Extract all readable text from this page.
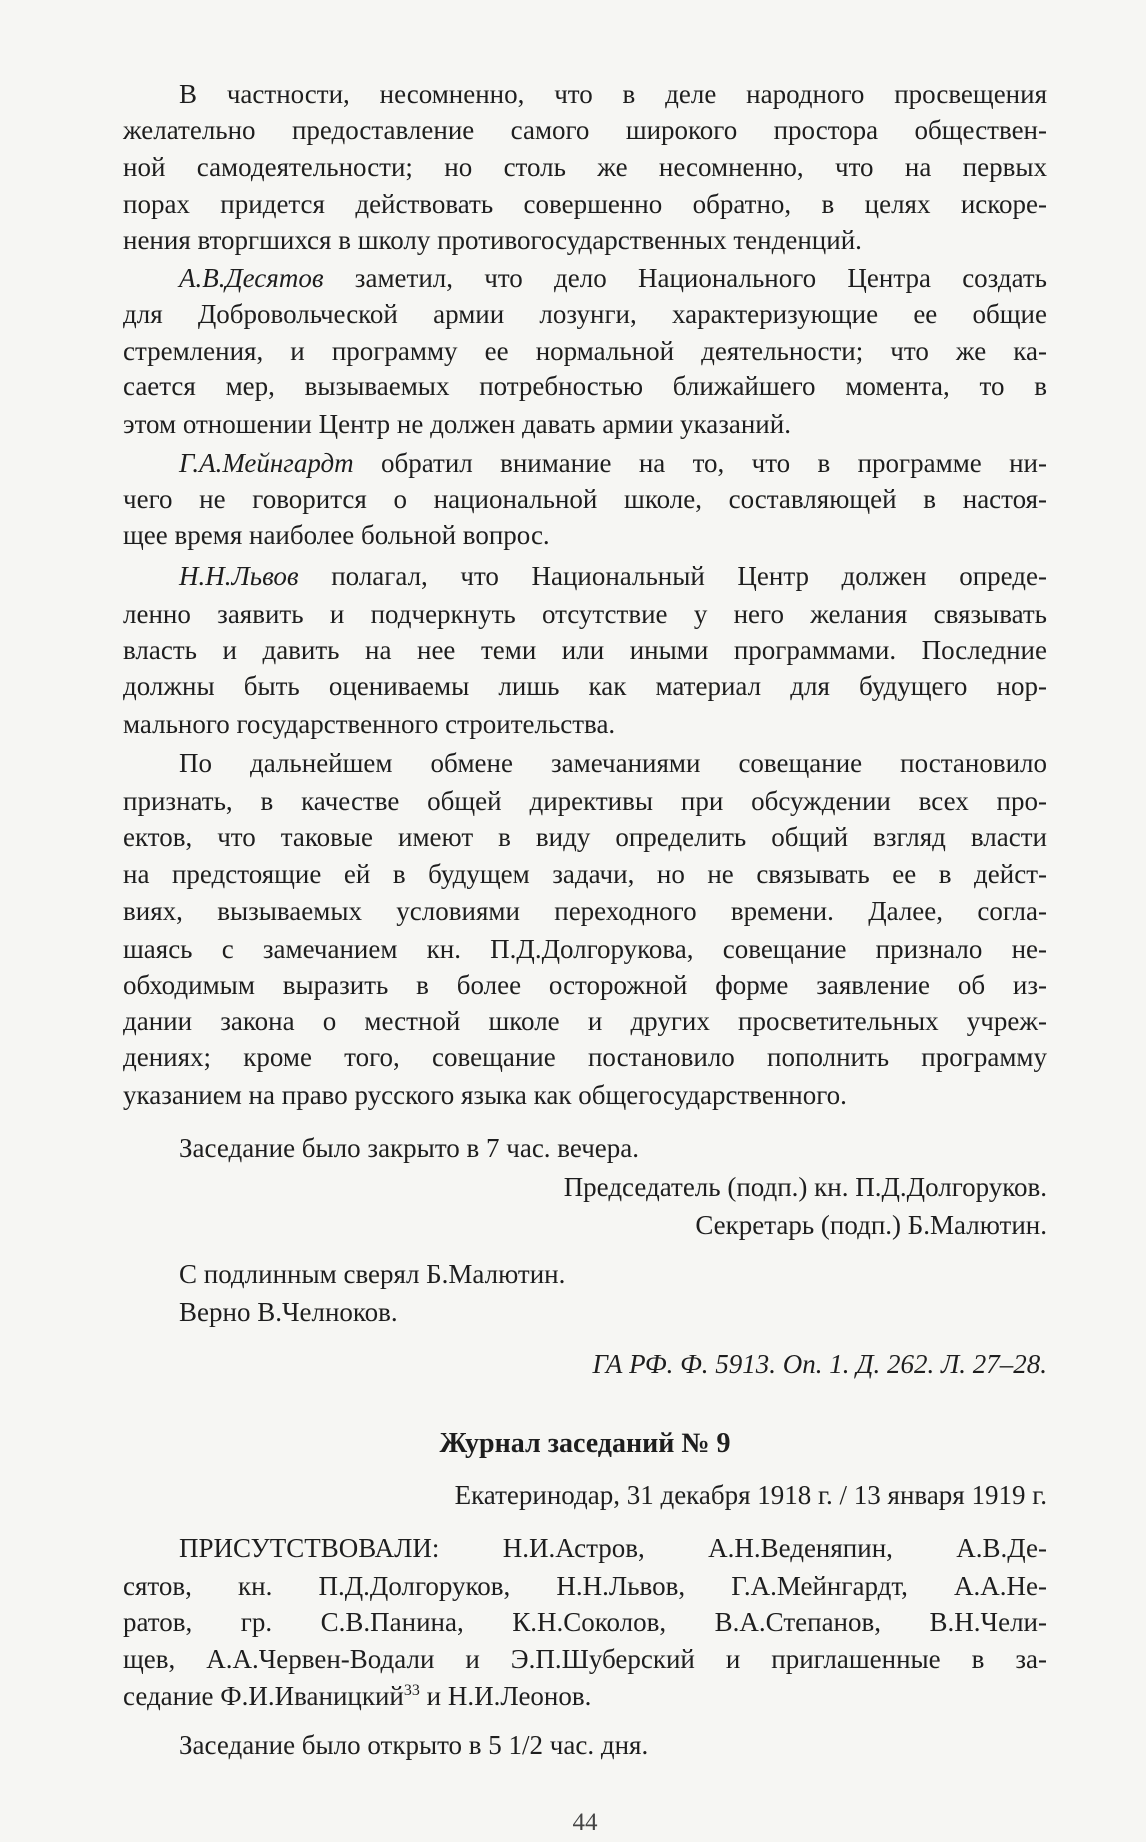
В частности, несомненно, что в деле народного просвещения
желательно предоставление самого широкого простора обществен-
ной самодеятельности; но столь же несомненно, что на первых
порах придется действовать совершенно обратно, в целях искоре-
нения вторгшихся в школу противогосударственных тенденций.
А.В.Десятов заметил, что дело Национального Центра создать
для Добровольческой армии лозунги, характеризующие ее общие
стремления, и программу ее нормальной деятельности; что же ка-
сается мер, вызываемых потребностью ближайшего момента, то в
этом отношении Центр не должен давать армии указаний.
Г.А.Мейнгардт обратил внимание на то, что в программе ни-
чего не говорится о национальной школе, составляющей в настоя-
щее время наиболее больной вопрос.
Н.Н.Львов полагал, что Национальный Центр должен опреде-
ленно заявить и подчеркнуть отсутствие у него желания связывать
власть и давить на нее теми или иными программами. Последние
должны быть оцениваемы лишь как материал для будущего нор-
мального государственного строительства.
По дальнейшем обмене замечаниями совещание постановило
признать, в качестве общей директивы при обсуждении всех про-
ектов, что таковые имеют в виду определить общий взгляд власти
на предстоящие ей в будущем задачи, но не связывать ее в дейст-
виях, вызываемых условиями переходного времени. Далее, согла-
шаясь с замечанием кн. П.Д.Долгорукова, совещание признало не-
обходимым выразить в более осторожной форме заявление об из-
дании закона о местной школе и других просветительных учреж-
дениях; кроме того, совещание постановило пополнить программу
указанием на право русского языка как общегосударственного.
Заседание было закрыто в 7 час. вечера.
Председатель (подп.) кн. П.Д.Долгоруков.
Секретарь (подп.) Б.Малютин.
С подлинным сверял Б.Малютин.
Верно В.Челноков.
ГА РФ. Ф. 5913. Оп. 1. Д. 262. Л. 27–28.
Журнал заседаний № 9
Екатеринодар, 31 декабря 1918 г. / 13 января 1919 г.
ПРИСУТСТВОВАЛИ: Н.И.Астров, А.Н.Веденяпин, А.В.Де-
сятов, кн. П.Д.Долгоруков, Н.Н.Львов, Г.А.Мейнгардт, А.А.Не-
ратов, гр. С.В.Панина, К.Н.Соколов, В.А.Степанов, В.Н.Чели-
щев, А.А.Червен-Водали и Э.П.Шуберский и приглашенные в за-
седание Ф.И.Иваницкий$^{33}$ и Н.И.Леонов.
Заседание было открыто в 5 1/2 час. дня.
44
